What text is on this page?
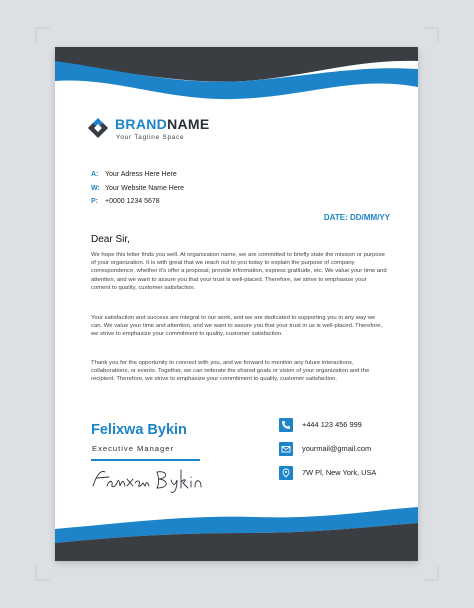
BRANDNAME
Your Tagline Space
A: Your Adress Here Here
W: Your Website Name Here
P: +0000 1234 5678
DATE: DD/MM/YY
Dear Sir,

We hope this letter finds you well. At organization name, we are committed to briefly state the mission or purpose of your organization. It is with great that we reach out to you today to explain the purpose of company correspondence, whether it's offer a proposal, provide information, express gratitude, etc. We value your time and attention, and we want to assure you that your trust is well-placed. Therefore, we strive to emphasize your coment to quality, customer satisfaction.

Your satisfaction and success are integral to our work, and we are dedicated to supporting you in any way we can. We value your time and attention, and we want to assure you that your trust in us is well-placed. Therefore, we strive to emphasize your commitment to quality, customer satisfaction.

Thank you for the opportunity to connect with you, and we forward to mention any future interactions, collaborations, or events. Together, we can reiterate the shared goals or vision of your organization and the recipient. Therefore, we strive to emphasize your commitment to quality, customer satisfaction.

Felixwa Bykin
Executive Manager
+444 123 456 999
yourmail@gmail.com
7W Pl, New York, USA
